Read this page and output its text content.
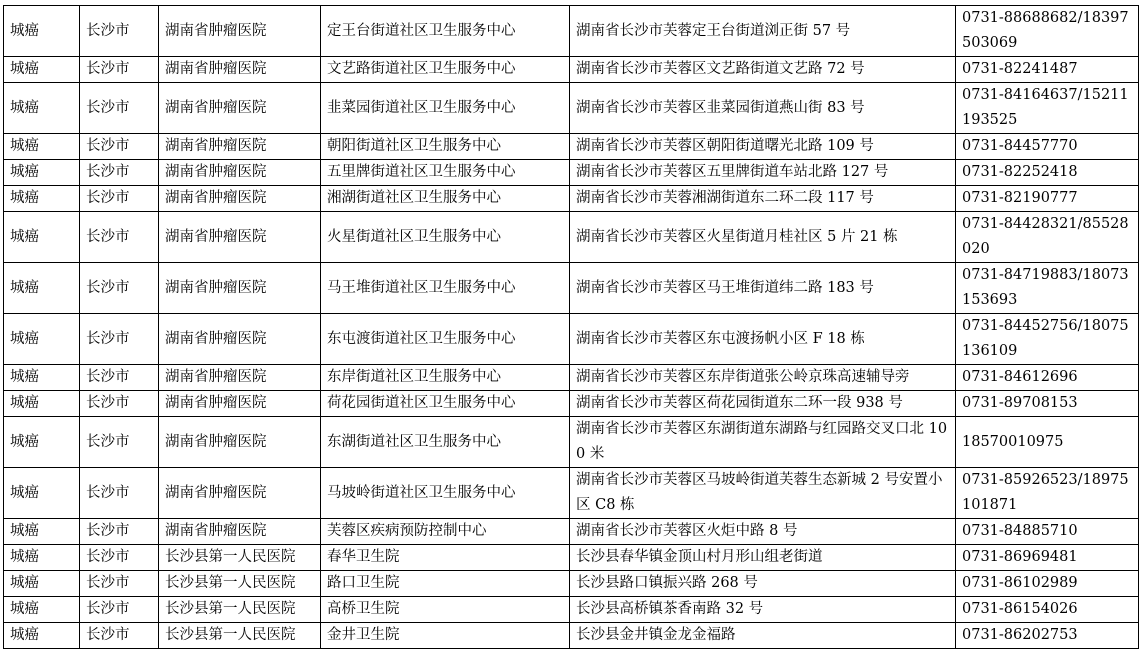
城癌	长沙市	湖南省肿瘤医院	定王台街道社区卫生服务中心	湖南省长沙市芙蓉定王台街道浏正街 57 号	0731-88688682/18397503069
城癌	长沙市	湖南省肿瘤医院	文艺路街道社区卫生服务中心	湖南省长沙市芙蓉区文艺路街道文艺路 72 号	0731-82241487
城癌	长沙市	湖南省肿瘤医院	韭菜园街道社区卫生服务中心	湖南省长沙市芙蓉区韭菜园街道燕山街 83 号	0731-84164637/15211193525
城癌	长沙市	湖南省肿瘤医院	朝阳街道社区卫生服务中心	湖南省长沙市芙蓉区朝阳街道曙光北路 109 号	0731-84457770
城癌	长沙市	湖南省肿瘤医院	五里牌街道社区卫生服务中心	湖南省长沙市芙蓉区五里牌街道车站北路 127 号	0731-82252418
城癌	长沙市	湖南省肿瘤医院	湘湖街道社区卫生服务中心	湖南省长沙市芙蓉湘湖街道东二环二段 117 号	0731-82190777
城癌	长沙市	湖南省肿瘤医院	火星街道社区卫生服务中心	湖南省长沙市芙蓉区火星街道月桂社区 5 片 21 栋	0731-84428321/85528020
城癌	长沙市	湖南省肿瘤医院	马王堆街道社区卫生服务中心	湖南省长沙市芙蓉区马王堆街道纬二路 183 号	0731-84719883/18073153693
城癌	长沙市	湖南省肿瘤医院	东屯渡街道社区卫生服务中心	湖南省长沙市芙蓉区东屯渡扬帆小区 F 18 栋	0731-84452756/18075136109
城癌	长沙市	湖南省肿瘤医院	东岸街道社区卫生服务中心	湖南省长沙市芙蓉区东岸街道张公岭京珠高速辅导旁	0731-84612696
城癌	长沙市	湖南省肿瘤医院	荷花园街道社区卫生服务中心	湖南省长沙市芙蓉区荷花园街道东二环一段 938 号	0731-89708153
城癌	长沙市	湖南省肿瘤医院	东湖街道社区卫生服务中心	湖南省长沙市芙蓉区东湖街道东湖路与红园路交叉口北 100 米	18570010975
城癌	长沙市	湖南省肿瘤医院	马坡岭街道社区卫生服务中心	湖南省长沙市芙蓉区马坡岭街道芙蓉生态新城 2 号安置小区 C8 栋	0731-85926523/18975101871
城癌	长沙市	湖南省肿瘤医院	芙蓉区疾病预防控制中心	湖南省长沙市芙蓉区火炬中路 8 号	0731-84885710
城癌	长沙市	长沙县第一人民医院	春华卫生院	长沙县春华镇金顶山村月形山组老街道	0731-86969481
城癌	长沙市	长沙县第一人民医院	路口卫生院	长沙县路口镇振兴路 268 号	0731-86102989
城癌	长沙市	长沙县第一人民医院	高桥卫生院	长沙县高桥镇茶香南路 32 号	0731-86154026
城癌	长沙市	长沙县第一人民医院	金井卫生院	长沙县金井镇金龙金福路	0731-86202753
